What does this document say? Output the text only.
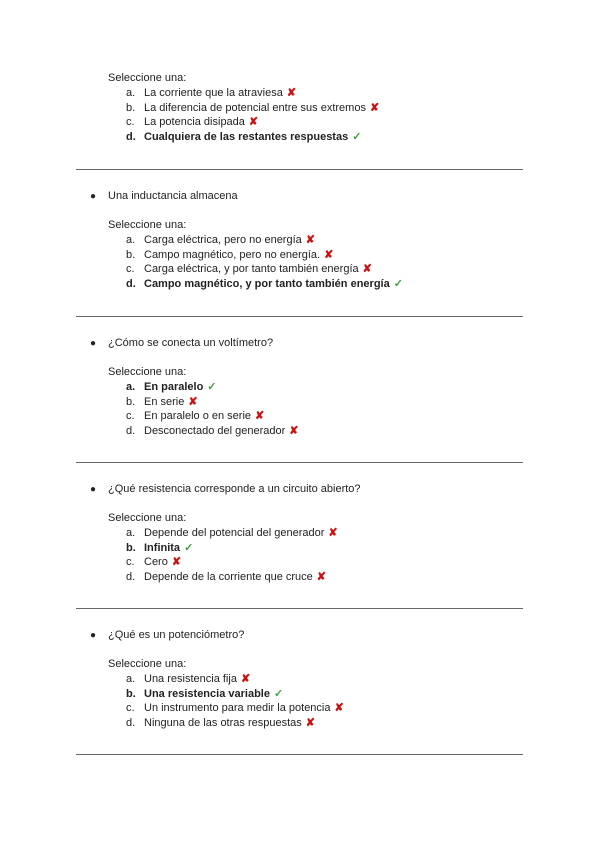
Seleccione una:
a. La corriente que la atraviesa ✘
b. La diferencia de potencial entre sus extremos ✘
c. La potencia disipada ✘
d. Cualquiera de las restantes respuestas ✓
● Una inductancia almacena
Seleccione una:
a. Carga eléctrica, pero no energía ✘
b. Campo magnético, pero no energía. ✘
c. Carga eléctrica, y por tanto también energía ✘
d. Campo magnético, y por tanto también energía ✓
● ¿Cómo se conecta un voltímetro?
Seleccione una:
a. En paralelo ✓
b. En serie ✘
c. En paralelo o en serie ✘
d. Desconectado del generador ✘
● ¿Qué resistencia corresponde a un circuito abierto?
Seleccione una:
a. Depende del potencial del generador ✘
b. Infinita ✓
c. Cero ✘
d. Depende de la corriente que cruce ✘
● ¿Qué es un potenciómetro?
Seleccione una:
a. Una resistencia fija ✘
b. Una resistencia variable ✓
c. Un instrumento para medir la potencia ✘
d. Ninguna de las otras respuestas ✘
